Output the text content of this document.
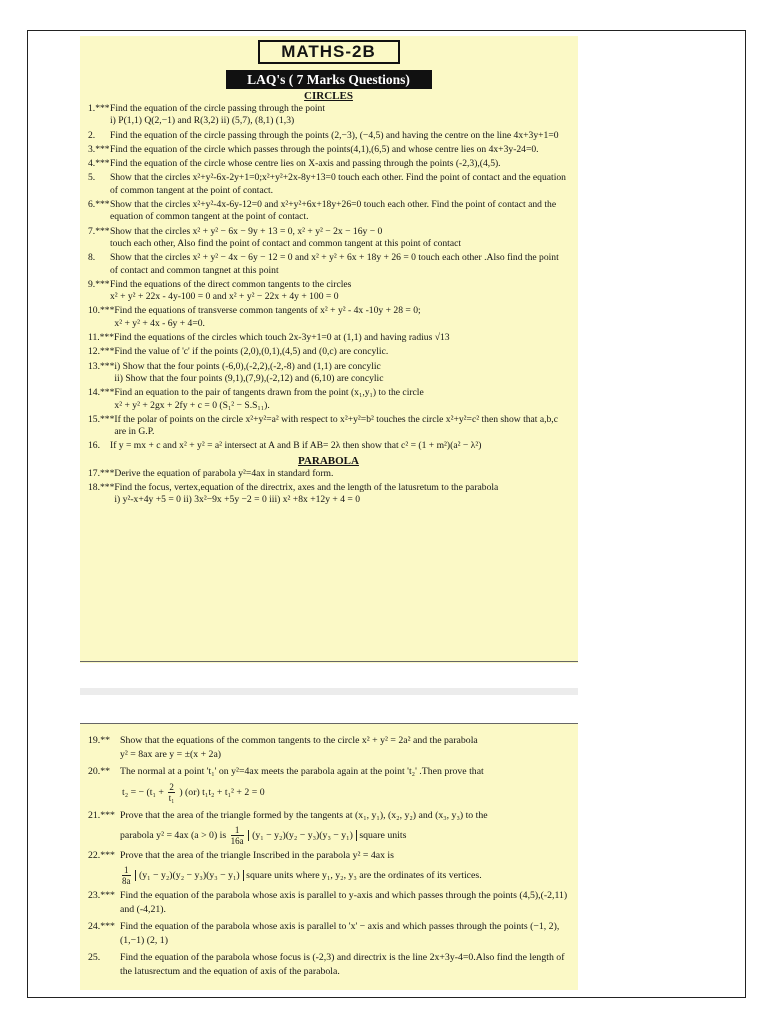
MATHS-2B
LAQ's ( 7 Marks Questions)
CIRCLES
1.*** Find the equation of the circle passing through the point
i) P(1,1) Q(2,−1) and R(3,2) ii) (5,7), (8,1) (1,3)
2.	Find the equation of the circle passing through the points (2,−3), (−4,5) and having the centre on the line 4x+3y+1=0
3.*** Find the equation of the circle which passes through the points(4,1),(6,5) and whose centre lies on 4x+3y-24=0.
4.*** Find the equation of the circle whose centre lies on X-axis and passing through the points (-2,3),(4,5).
5.	Show that the circles x²+y²-6x-2y+1=0;x²+y²+2x-8y+13=0 touch each other. Find the point of contact and the equation of common tangent at the point of contact.
6.*** Show that the circles x²+y²-4x-6y-12=0 and x²+y²+6x+18y+26=0 touch each other. Find the point of contact and the equation of common tangent at the point of contact.
7.*** Show that the circles x² + y² − 6x − 9y + 13 = 0, x² + y² − 2x − 16y − 0
touch each other, Also find the point of contact and common tangent at this point of contact
8.	Show that the circles x² + y² − 4x − 6y − 12 = 0 and x² + y² + 6x + 18y + 26 = 0 touch each other .Also find the point of contact and common tangnet at this point
9.*** Find the equations of the direct common tangents to the circles
x² + y² + 22x - 4y-100 = 0 and x² + y² − 22x + 4y + 100 = 0
10.*** Find the equations of transverse common tangents of x² + y² - 4x -10y + 28 = 0;
x² + y² + 4x - 6y + 4=0.
11.*** Find the equations of the circles which touch 2x-3y+1=0 at (1,1) and having radius √13
12.*** Find the value of 'c' if the points (2,0),(0,1),(4,5) and (0,c) are concylic.
13.*** i) Show that the four points (-6,0),(-2,2),(-2,-8) and (1,1) are concylic
ii) Show that the four points (9,1),(7,9),(-2,12) and (6,10) are concylic
14.*** Find an equation to the pair of tangents drawn from the point (x₁,y₁) to the circle
x² + y² + 2gx + 2fy + c = 0 (S₁² − S.S₁₁).
15.*** If the polar of points on the circle x²+y²=a² with respect to x²+y²=b² touches the circle x²+y²=c² then show that a,b,c are in G.P.
16.	If y = mx + c and x² + y² = a² intersect at A and B if AB= 2λ then show that c² = (1 + m²)(a² − λ²)
PARABOLA
17.*** Derive the equation of parabola y²=4ax in standard form.
18.*** Find the focus, vertex,equation of the directrix, axes and the length of the latusretum to the parabola
i) y²-x+4y +5 = 0 ii) 3x²−9x +5y −2 = 0 iii) x² +8x +12y + 4 = 0
19.**	Show that the equations of the common tangents to the circle x² + y² = 2a² and the parabola
y² = 8ax are y = ±(x + 2a)
20.**	The normal at a point 't₁' on y²=4ax meets the parabola again at the point 't₂' .Then prove that
t₂ = − ($t_1 + \frac{2}{\text{t₁}}$ ) (or) t₁t₂ + t₁² + 2 = 0
21.*** Prove that the area of the triangle formed by the tangents at (x₁, y₁), (x₂, y₂) and (x₃, y₃) to the
parabola y² = 4ax (a > 0) is $\frac{1}{16a} (y_1 - y_2)(y_2 - y_3)(y_3 - y_1)$ square units
22.*** Prove that the area of the triangle Inscribed in the parabola y² = 4ax is
$\frac{1}{8a} (y_1 - y_2)(y_2 - y_3)(y_3 - y_1)$ square units where y₁, y₂, y₃ are the ordinates of its vertices.
23.*** Find the equation of the parabola whose axis is parallel to y-axis and which passes through the points (4,5),(-2,11) and (-4,21).
24.*** Find the equation of the parabola whose axis is parallel to 'x' − axis and which passes through the points (−1, 2), (1,−1) (2, 1)
25.	Find the equation of the parabola whose focus is (-2,3) and directrix is the line 2x+3y-4=0.Also find the length of the latusrectum and the equation of axis of the parabola.
